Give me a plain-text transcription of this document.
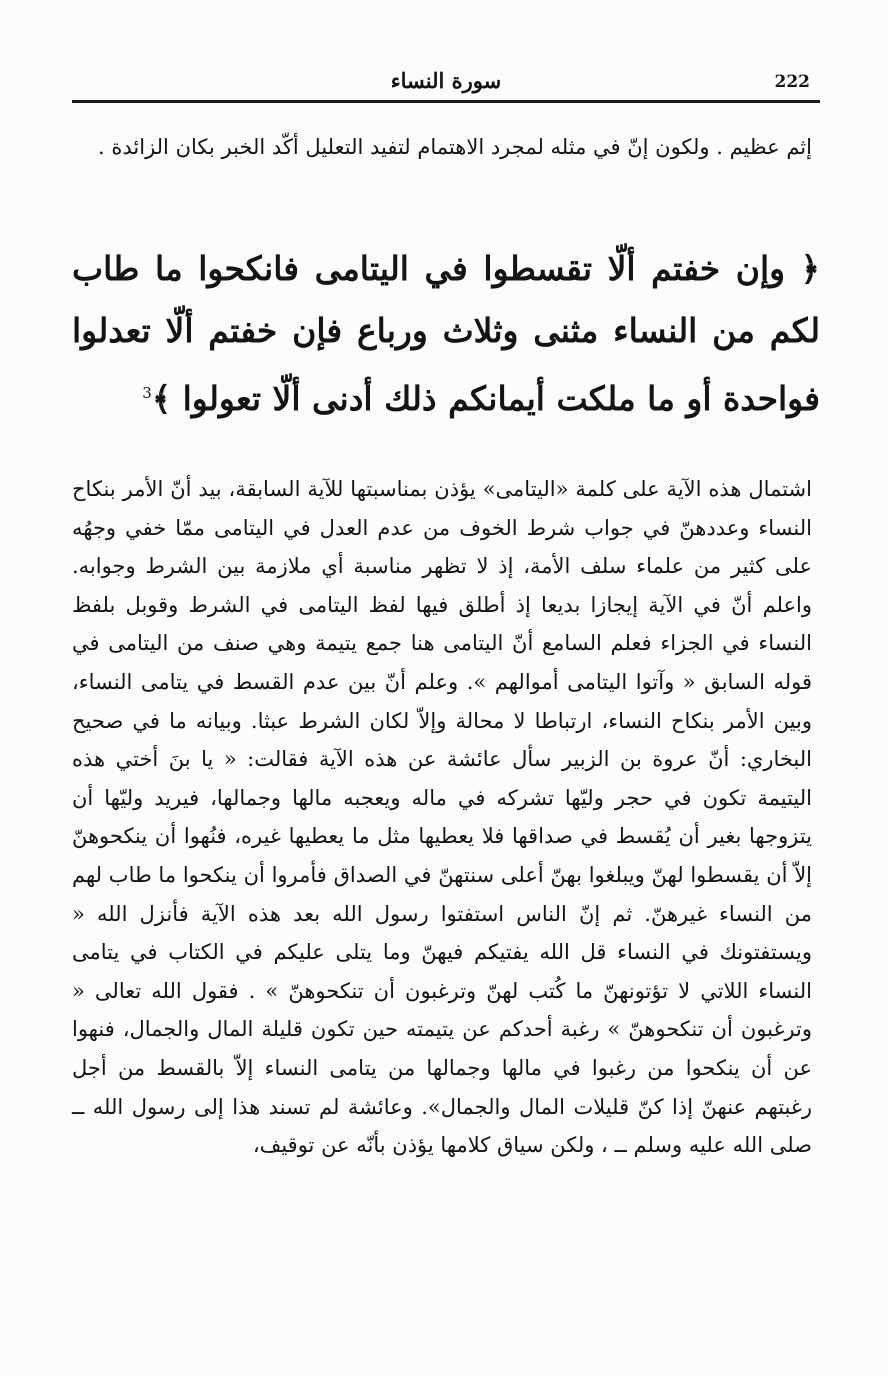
222
سورة النساء

إثم عظيم . ولكون إنّ في مثله لمجرد الاهتمام لتفيد التعليل أكّد الخبر بكان الزائدة .

﴿ وإن خفتم ألّا تقسطوا في اليتامى فانكحوا ما طاب لكم من النساء مثنى وثلاث ورباع فإن خفتم ألّا تعدلوا فواحدة أو ما ملكت أيمانكم ذلك أدنى ألّا تعولوا ﴾$^3$

اشتمال هذه الآية على كلمة «اليتامى» يؤذن بمناسبتها للآية السابقة، بيد أنّ الأمر بنكاح النساء وعددهنّ في جواب شرط الخوف من عدم العدل في اليتامى ممّا خفي وجهُه على كثير من علماء سلف الأمة، إذ لا تظهر مناسبة أي ملازمة بين الشرط وجوابه. واعلم أنّ في الآية إيجازا بديعا إذ أطلق فيها لفظ اليتامى في الشرط وقوبل بلفظ النساء في الجزاء فعلم السامع أنّ اليتامى هنا جمع يتيمة وهي صنف من اليتامى في قوله السابق « وآتوا اليتامى أموالهم ». وعلم أنّ بين عدم القسط في يتامى النساء، وبين الأمر بنكاح النساء، ارتباطا لا محالة وإلاّ لكان الشرط عبثا. وبيانه ما في صحيح البخاري: أنّ عروة بن الزبير سأل عائشة عن هذه الآية فقالت: « يا بنَ أختي هذه اليتيمة تكون في حجر وليّها تشركه في ماله ويعجبه مالها وجمالها، فيريد وليّها أن يتزوجها بغير أن يُقسط في صداقها فلا يعطيها مثل ما يعطيها غيره، فنُهوا أن ينكحوهنّ إلاّ أن يقسطوا لهنّ ويبلغوا بهنّ أعلى سنتهنّ في الصداق فأمروا أن ينكحوا ما طاب لهم من النساء غيرهنّ. ثم إنّ الناس استفتوا رسول الله بعد هذه الآية فأنزل الله « ويستفتونك في النساء قل الله يفتيكم فيهنّ وما يتلى عليكم في الكتاب في يتامى النساء اللاتي لا تؤتونهنّ ما كُتب لهنّ وترغبون أن تنكحوهنّ » . فقول الله تعالى « وترغبون أن تنكحوهنّ » رغبة أحدكم عن يتيمته حين تكون قليلة المال والجمال، فنهوا عن أن ينكحوا من رغبوا في مالها وجمالها من يتامى النساء إلاّ بالقسط من أجل رغبتهم عنهنّ إذا كنّ قليلات المال والجمال». وعائشة لم تسند هذا إلى رسول الله ــ صلى الله عليه وسلم ــ ، ولكن سياق كلامها يؤذن بأنّه عن توقيف،
